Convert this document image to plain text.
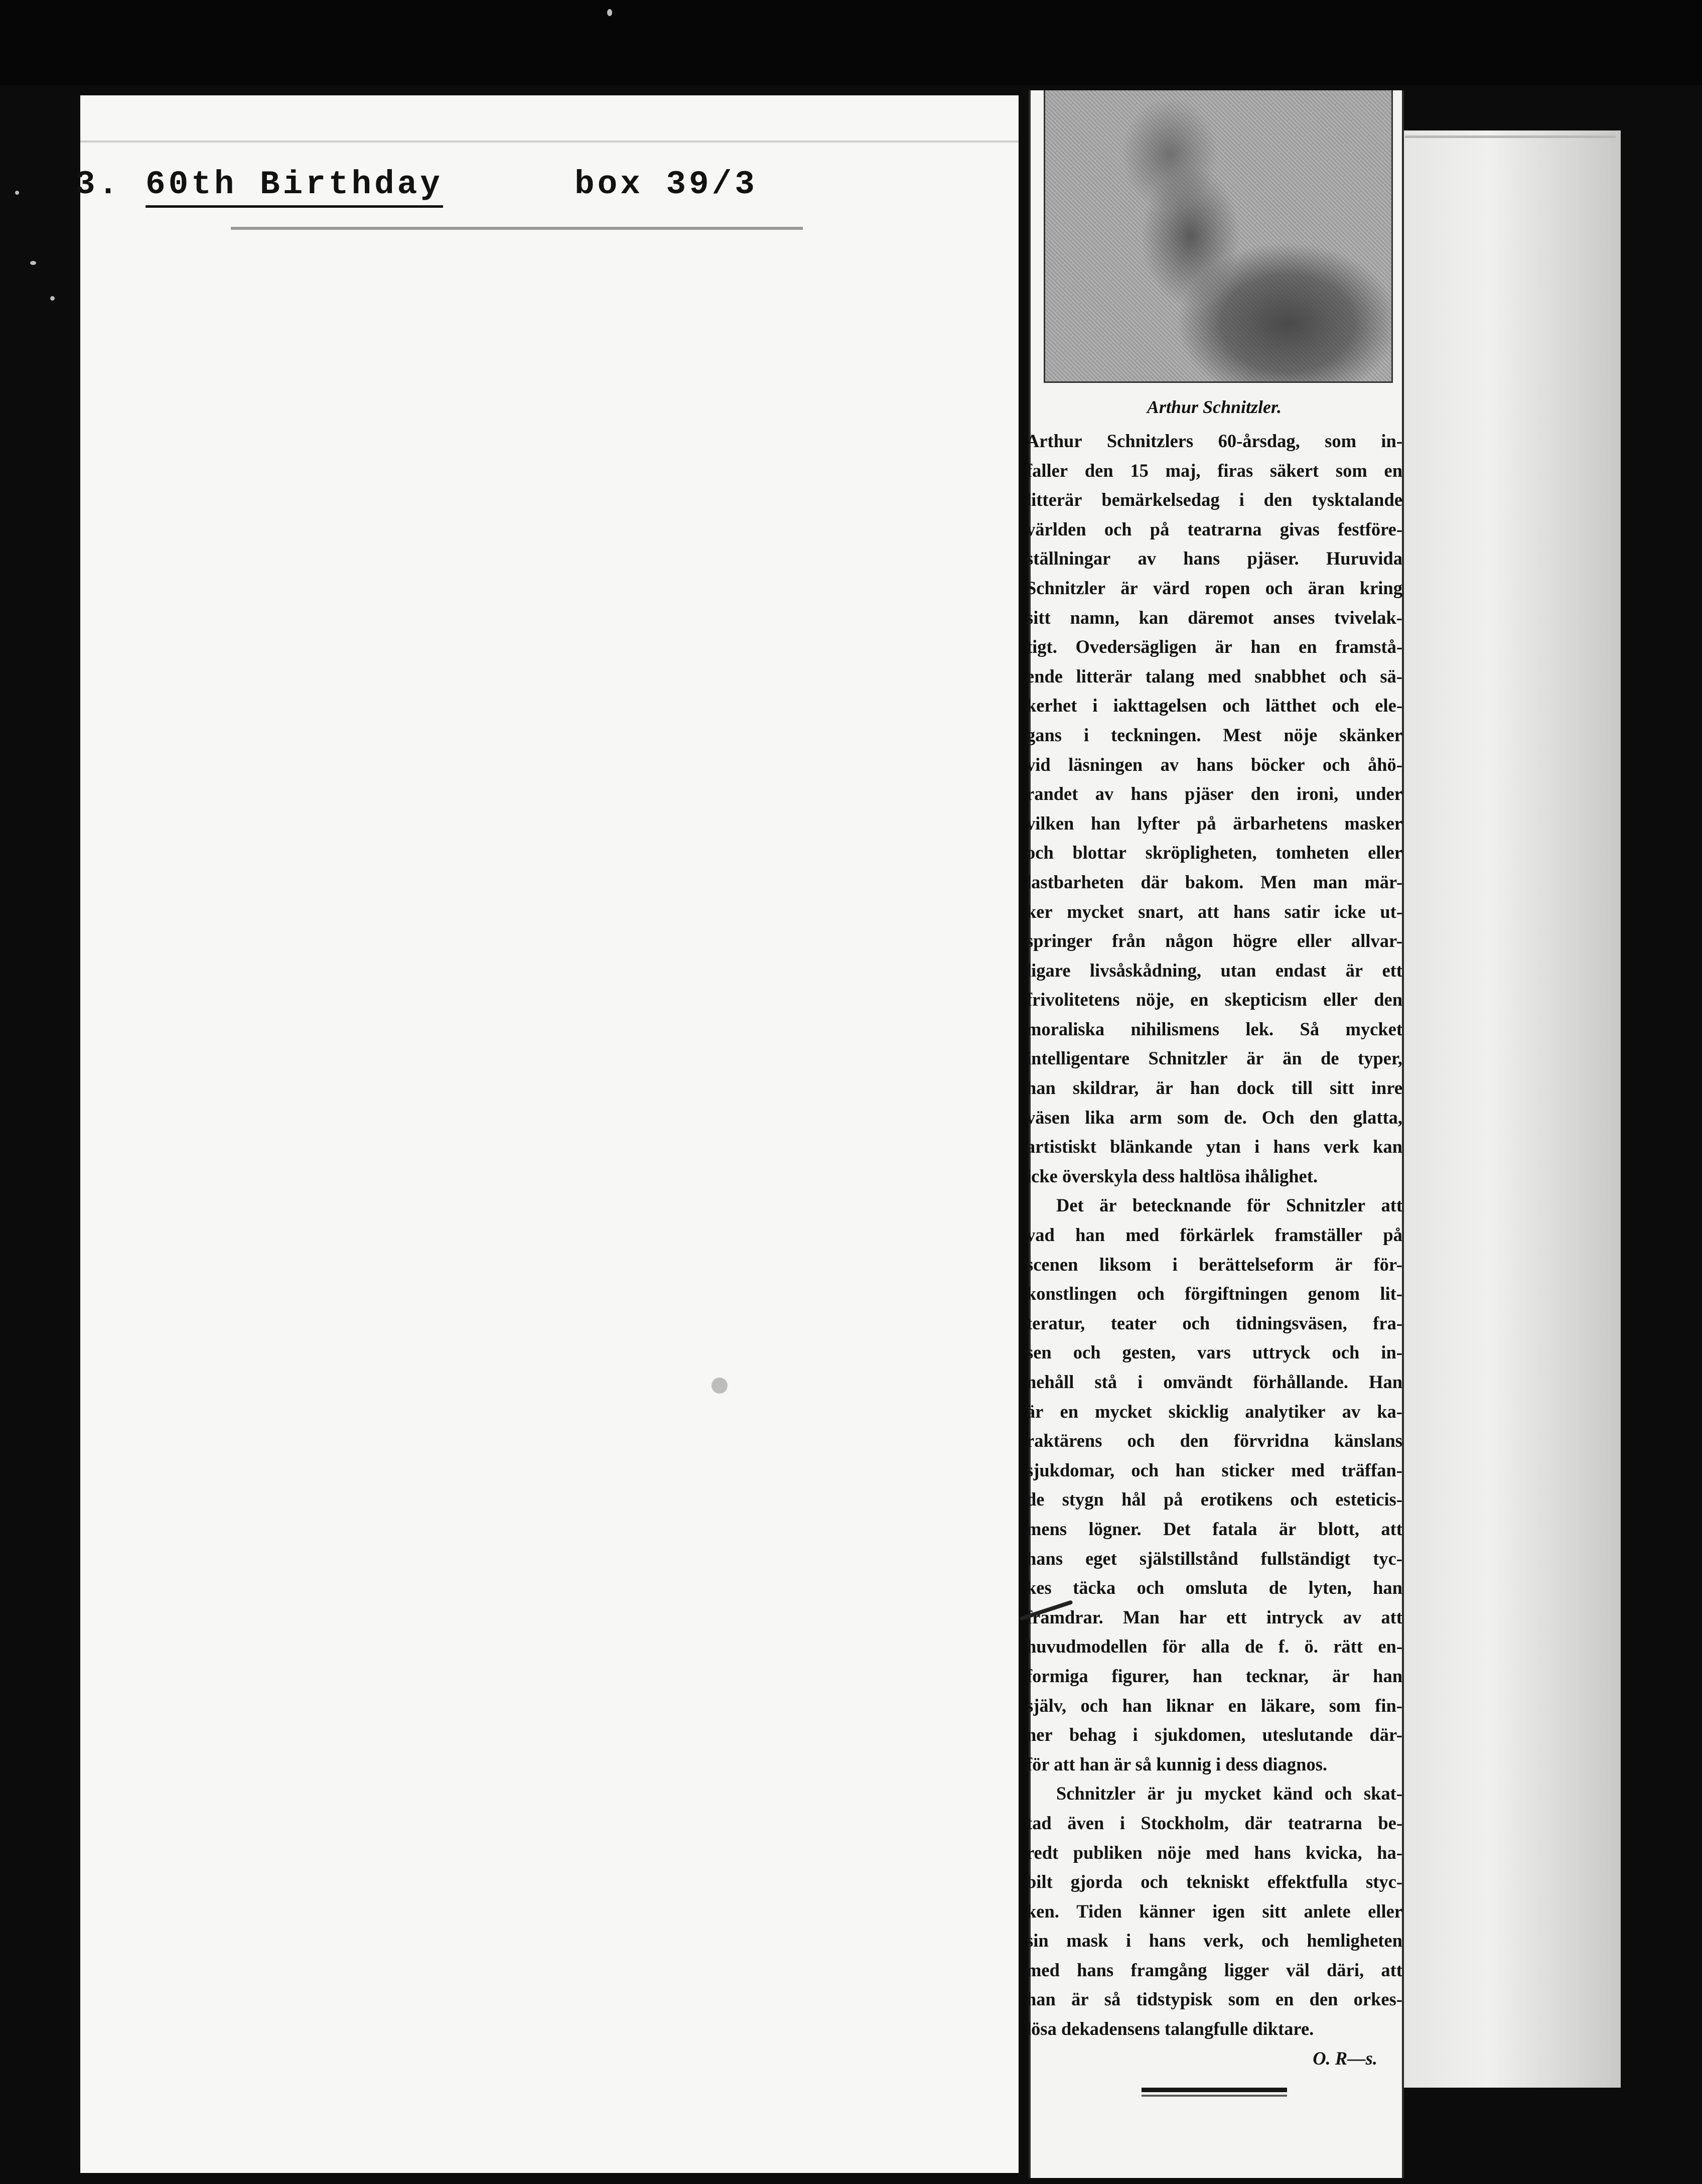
3. 60th Birthday	box 39/3
Arthur Schnitzler.
Arthur Schnitzlers 60-årsdag, som in-
faller den 15 maj, firas säkert som en
litterär bemärkelsedag i den tysktalande
världen och på teatrarna givas festföre-
ställningar av hans pjäser. Huruvida
Schnitzler är värd ropen och äran kring
sitt namn, kan däremot anses tvivelak-
tigt. Ovedersägligen är han en framstå-
ende litterär talang med snabbhet och sä-
kerhet i iakttagelsen och lätthet och ele-
gans i teckningen. Mest nöje skänker
vid läsningen av hans böcker och åhö-
randet av hans pjäser den ironi, under
vilken han lyfter på ärbarhetens masker
och blottar skröpligheten, tomheten eller
lastbarheten där bakom. Men man mär-
ker mycket snart, att hans satir icke ut-
springer från någon högre eller allvar-
ligare livsåskådning, utan endast är ett
frivolitetens nöje, en skepticism eller den
moraliska nihilismens lek. Så mycket
intelligentare Schnitzler är än de typer,
han skildrar, är han dock till sitt inre
väsen lika arm som de. Och den glatta,
artistiskt blänkande ytan i hans verk kan
icke överskyla dess haltlösa ihålighet.
Det är betecknande för Schnitzler att
vad han med förkärlek framställer på
scenen liksom i berättelseform är för-
konstlingen och förgiftningen genom lit-
teratur, teater och tidningsväsen, fra-
sen och gesten, vars uttryck och in-
nehåll stå i omvändt förhållande. Han
är en mycket skicklig analytiker av ka-
raktärens och den förvridna känslans
sjukdomar, och han sticker med träffan-
de stygn hål på erotikens och esteticis-
mens lögner. Det fatala är blott, att
hans eget själstillstånd fullständigt tyc-
kes täcka och omsluta de lyten, han
framdrar. Man har ett intryck av att
huvudmodellen för alla de f. ö. rätt en-
formiga figurer, han tecknar, är han
själv, och han liknar en läkare, som fin-
ner behag i sjukdomen, uteslutande där-
för att han är så kunnig i dess diagnos.
Schnitzler är ju mycket känd och skat-
tad även i Stockholm, där teatrarna be-
redt publiken nöje med hans kvicka, ha-
bilt gjorda och tekniskt effektfulla styc-
ken. Tiden känner igen sitt anlete eller
sin mask i hans verk, och hemligheten
med hans framgång ligger väl däri, att
han är så tidstypisk som en den orkes-
lösa dekadensens talangfulle diktare.
O. R—s.
